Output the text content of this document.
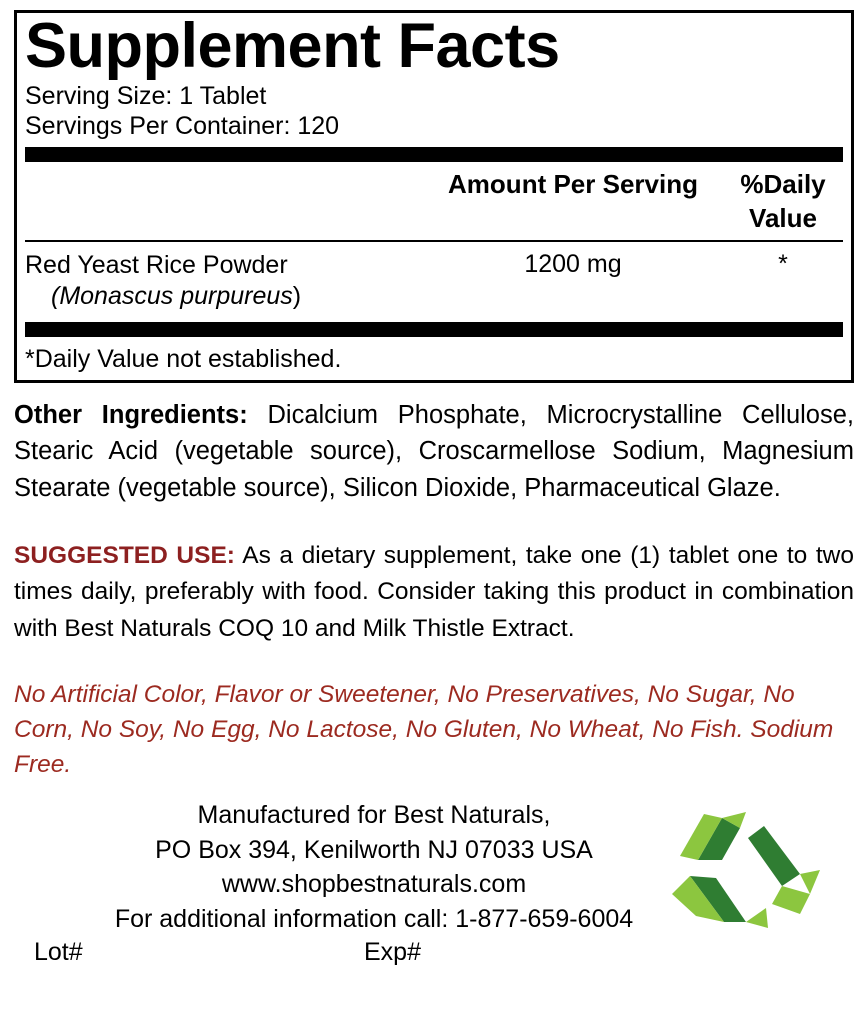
Supplement Facts
Serving Size: 1 Tablet
Servings Per Container: 120
Amount Per Serving	%Daily Value
Red Yeast Rice Powder
(Monascus purpureus)
1200 mg	*
*Daily Value not established.
Other Ingredients: Dicalcium Phosphate, Microcrystalline Cellulose, Stearic Acid (vegetable source), Croscarmellose Sodium, Magnesium Stearate (vegetable source), Silicon Dioxide, Pharmaceutical Glaze.
SUGGESTED USE: As a dietary supplement, take one (1) tablet one to two times daily, preferably with food. Consider taking this product in combination with Best Naturals COQ 10 and Milk Thistle Extract.
No Artificial Color, Flavor or Sweetener, No Preservatives, No Sugar, No Corn, No Soy, No Egg, No Lactose, No Gluten, No Wheat, No Fish. Sodium Free.
Manufactured for Best Naturals,
PO Box 394, Kenilworth NJ 07033 USA
www.shopbestnaturals.com
For additional information call: 1-877-659-6004
Lot#	Exp#
